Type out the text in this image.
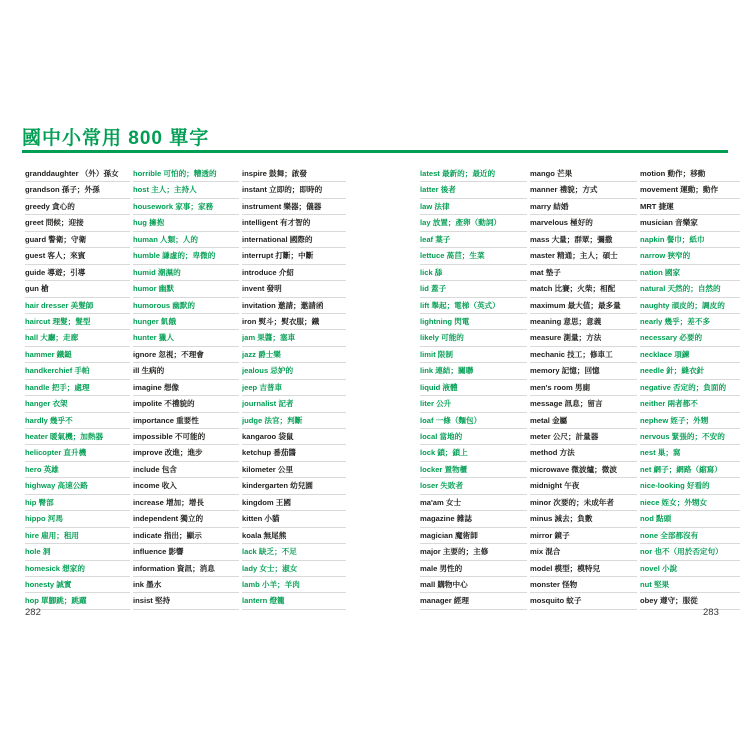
國中小常用 800 單字
granddaughter （外）孫女
grandson 孫子；外孫
greedy 貪心的
greet 問候；迎接
guard 警衛；守衛
guest 客人；來賓
guide 導遊；引導
gun 槍
hair dresser 美髮師
haircut 理髮；髮型
hall 大廳；走廊
hammer 鐵鎚
handkerchief 手帕
handle 把手；處理
hanger 衣架
hardly 幾乎不
heater 暖氣機；加熱器
helicopter 直升機
hero 英雄
highway 高速公路
hip 臀部
hippo 河馬
hire 雇用；租用
hole 洞
homesick 想家的
honesty 誠實
hop 單腳跳；跳躍
horrible 可怕的；糟透的
host 主人；主持人
housework 家事；家務
hug 擁抱
human 人類；人的
humble 謙虛的；卑微的
humid 潮濕的
humor 幽默
humorous 幽默的
hunger 飢餓
hunter 獵人
ignore 忽視；不理會
ill 生病的
imagine 想像
impolite 不禮貌的
importance 重要性
impossible 不可能的
improve 改進；進步
include 包含
income 收入
increase 增加；增長
independent 獨立的
indicate 指出；顯示
influence 影響
information 資訊；消息
ink 墨水
insist 堅持
inspire 鼓舞；啟發
instant 立即的；即時的
instrument 樂器；儀器
intelligent 有才智的
international 國際的
interrupt 打斷；中斷
introduce 介紹
invent 發明
invitation 邀請；邀請函
iron 熨斗；熨衣服；鐵
jam 果醬；塞車
jazz 爵士樂
jealous 忌妒的
jeep 吉普車
journalist 記者
judge 法官；判斷
kangaroo 袋鼠
ketchup 番茄醬
kilometer 公里
kindergarten 幼兒園
kingdom 王國
kitten 小貓
koala 無尾熊
lack 缺乏；不足
lady 女士；淑女
lamb 小羊；羊肉
lantern 燈籠
latest 最新的；最近的
latter 後者
law 法律
lay 放置；產卵（動詞）
leaf 葉子
lettuce 萵苣；生菜
lick 舔
lid 蓋子
lift 舉起；電梯（英式）
lightning 閃電
likely 可能的
limit 限制
link 連結；關聯
liquid 液體
liter 公升
loaf 一條（麵包）
local 當地的
lock 鎖；鎖上
locker 置物櫃
loser 失敗者
ma'am 女士
magazine 雜誌
magician 魔術師
major 主要的；主修
male 男性的
mall 購物中心
manager 經理
mango 芒果
manner 禮貌；方式
marry 結婚
marvelous 極好的
mass 大量；群眾；彌撒
master 精通；主人；碩士
mat 墊子
match 比賽；火柴；相配
maximum 最大值；最多量
meaning 意思；意義
measure 測量；方法
mechanic 技工；修車工
memory 記憶；回憶
men's room 男廁
message 訊息；留言
metal 金屬
meter 公尺；計量器
method 方法
microwave 微波爐；微波
midnight 午夜
minor 次要的；未成年者
minus 減去；負數
mirror 鏡子
mix 混合
model 模型；模特兒
monster 怪物
mosquito 蚊子
motion 動作；移動
movement 運動；動作
MRT 捷運
musician 音樂家
napkin 餐巾；紙巾
narrow 狹窄的
nation 國家
natural 天然的；自然的
naughty 頑皮的；調皮的
nearly 幾乎；差不多
necessary 必要的
necklace 項鍊
needle 針；縫衣針
negative 否定的；負面的
neither 兩者都不
nephew 姪子；外甥
nervous 緊張的；不安的
nest 巢；窩
net 網子；網路（縮寫）
nice-looking 好看的
niece 姪女；外甥女
nod 點頭
none 全部都沒有
nor 也不（用於否定句）
novel 小說
nut 堅果
obey 遵守；服從
282	283
